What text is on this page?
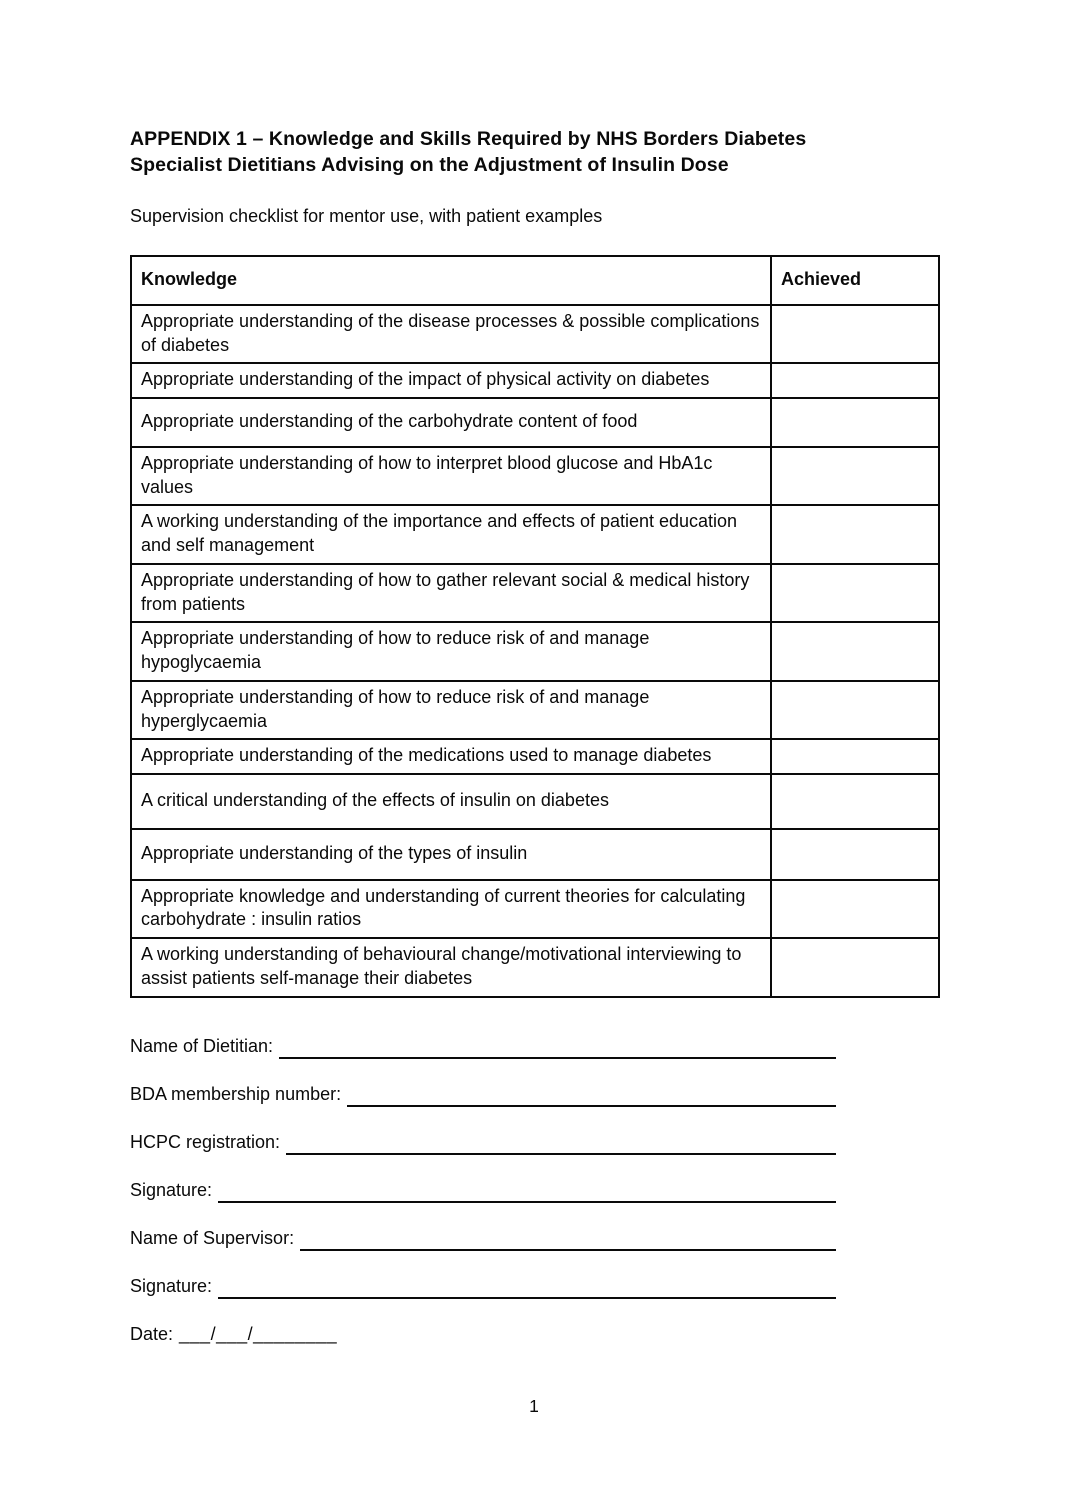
APPENDIX 1 – Knowledge and Skills Required by NHS Borders Diabetes
Specialist Dietitians Advising on the Adjustment of Insulin Dose
Supervision checklist for mentor use, with patient examples
Knowledge	Achieved
Appropriate understanding of the disease processes & possible complications of diabetes	
Appropriate understanding of the impact of physical activity on diabetes	
Appropriate understanding of the carbohydrate content of food	
Appropriate understanding of how to interpret blood glucose and HbA1c values	
A working understanding of the importance and effects of patient education and self management	
Appropriate understanding of how to gather relevant social & medical history from patients	
Appropriate understanding of how to reduce risk of and manage hypoglycaemia	
Appropriate understanding of how to reduce risk of and manage hyperglycaemia	
Appropriate understanding of the medications used to manage diabetes	
A critical understanding of the effects of insulin on diabetes	
Appropriate understanding of the types of insulin	
Appropriate knowledge and understanding of current theories for calculating carbohydrate : insulin ratios	
A working understanding of behavioural change/motivational interviewing to assist patients self-manage their diabetes	
Name of Dietitian:
BDA membership number:
HCPC registration:
Signature:
Name of Supervisor:
Signature:
Date: ___/___/________
1
